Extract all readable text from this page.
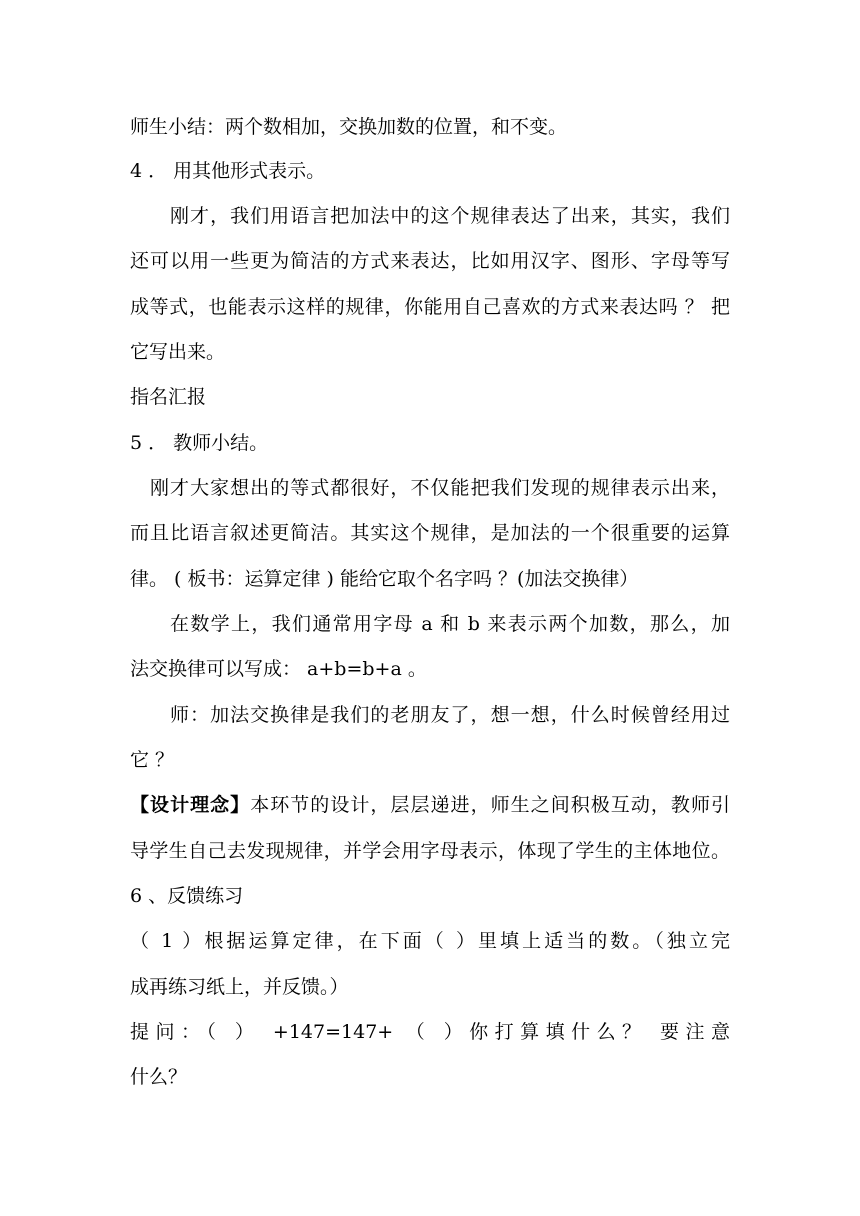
师生小结：两个数相加，交换加数的位置，和不变。
4 ． 用其他形式表示。
刚才，我们用语言把加法中的这个规律表达了出来，其实，我们
还可以用一些更为简洁的方式来表达，比如用汉字、图形、字母等写
成等式，也能表示这样的规律，你能用自己喜欢的方式来表达吗 ？ 把
它写出来。
指名汇报
5 ． 教师小结。
刚才大家想出的等式都很好，不仅能把我们发现的规律表示出来，
而且比语言叙述更简洁。其实这个规律，是加法的一个很重要的运算
律。 ( 板书：运算定律 ) 能给它取个名字吗 ？(加法交换律）
在数学上，我们通常用字母 a 和 b 来表示两个加数，那么，加
法交换律可以写成： a+b=b+a 。
师：加法交换律是我们的老朋友了，想一想，什么时候曾经用过
它 ？
【设计理念】本环节的设计，层层递进，师生之间积极互动，教师引
导学生自己去发现规律，并学会用字母表示，体现了学生的主体地位。
6 、反馈练习
（ 1 ）根据运算定律，在下面（ ）里填上适当的数。（独立完
成再练习纸上，并反馈。）
提问：（ ） +147=147+ （ ）你打算填什么？ 要注意
什么？
